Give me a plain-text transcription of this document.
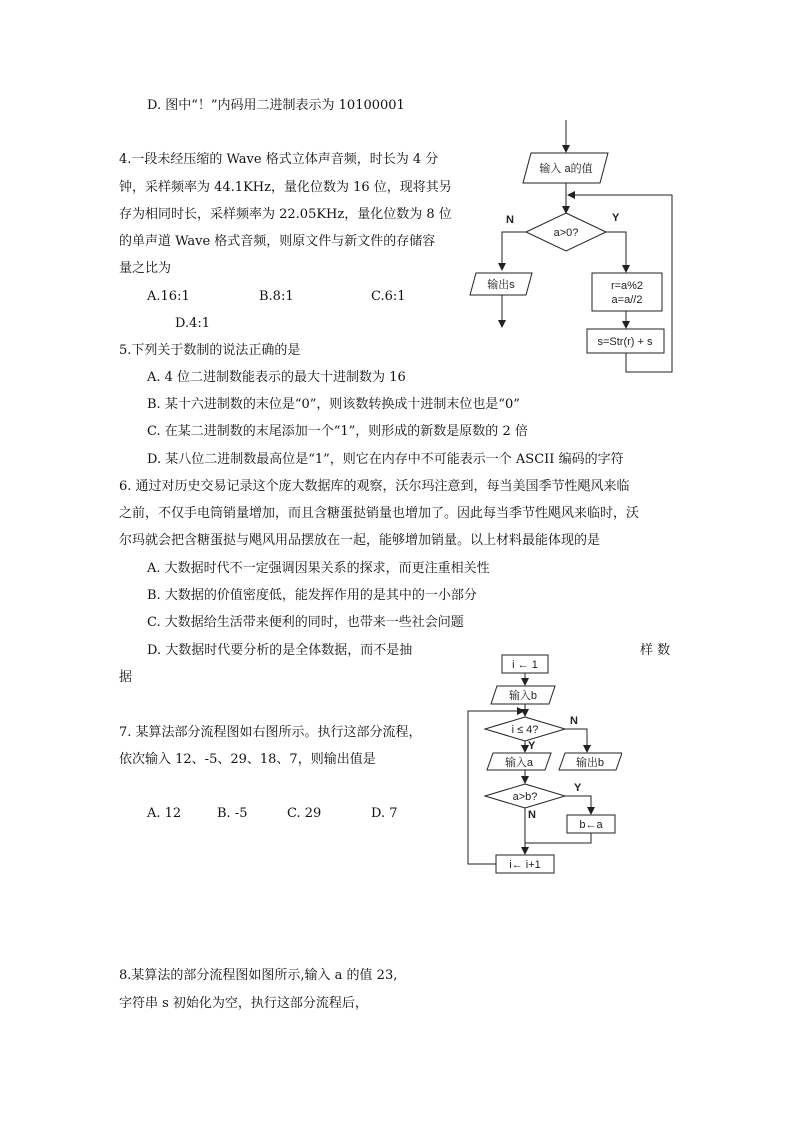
D. 图中“！”内码用二进制表示为 10100001
4.一段未经压缩的 Wave 格式立体声音频，时长为 4 分
钟，采样频率为 44.1KHz，量化位数为 16 位，现将其另
存为相同时长，采样频率为 22.05KHz，量化位数为 8 位
的单声道 Wave 格式音频，则原文件与新文件的存储容
量之比为
A.16:1	B.8:1	C.6:1
D.4:1
5.下列关于数制的说法正确的是
A. 4 位二进制数能表示的最大十进制数为 16
B. 某十六进制数的末位是“0”，则该数转换成十进制末位也是“0”
C. 在某二进制数的末尾添加一个“1”，则形成的新数是原数的 2 倍
D. 某八位二进制数最高位是“1”，则它在内存中不可能表示一个 ASCII 编码的字符
6. 通过对历史交易记录这个庞大数据库的观察，沃尔玛注意到，每当美国季节性飓风来临
之前，不仅手电筒销量增加，而且含糖蛋挞销量也增加了。因此每当季节性飓风来临时，沃
尔玛就会把含糖蛋挞与飓风用品摆放在一起，能够增加销量。以上材料最能体现的是
A. 大数据时代不一定强调因果关系的探求，而更注重相关性
B. 大数据的价值密度低，能发挥作用的是其中的一小部分
C. 大数据给生活带来便利的同时，也带来一些社会问题
D. 大数据时代要分析的是全体数据，而不是抽	样 数
据
7. 某算法部分流程图如右图所示。执行这部分流程，
依次输入 12、-5、29、18、7，则输出值是
A. 12	B. -5	C. 29	D. 7
8.某算法的部分流程图如图所示,输入 a 的值 23,
字符串 s 初始化为空，执行这部分流程后，
输入 a的值
a>0?
N	Y
输出s	r=a%2
a=a//2
s=Str(r) + s
i ← 1
输入b
i ≤ 4?
N
Y
输入a	输出b
a>b?
Y
N
b←a
i← i+1
